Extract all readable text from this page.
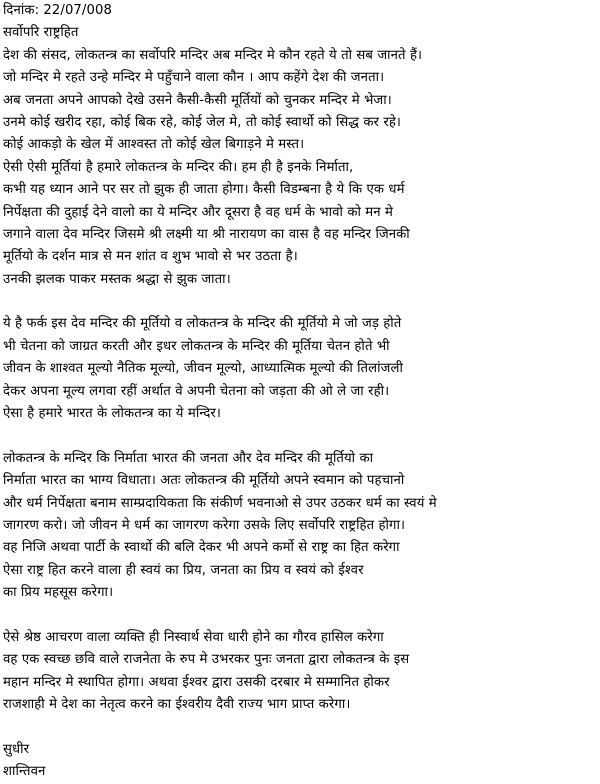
दिनांक: 22/07/008
सर्वोपरि राष्ट्रहित
देश की संसद, लोकतन्त्र का सर्वोपरि मन्दिर अब मन्दिर मे कौन रहते ये तो सब जानते हैं।
जो मन्दिर मे रहते उन्हे मन्दिर मे पहुँचाने वाला कौन । आप कहेंगे देश की जनता।
अब जनता अपने आपको देखे उसने कैसी-कैसी मूर्तियों को चुनकर मन्दिर मे भेजा।
उनमे कोई खरीद रहा, कोई बिक रहे, कोई जेल मे, तो कोई स्वार्थो को सिद्ध कर रहे।
कोई आकड़ो के खेल में आश्वस्त तो कोई खेल बिगाड़ने मे मस्त।
ऐसी ऐसी मूर्तियां है हमारे लोकतन्त्र के मन्दिर की। हम ही है इनके निर्माता,
कभी यह ध्यान आने पर सर तो झुक ही जाता होगा। कैसी विडम्बना है ये कि एक धर्म
निर्पेक्षता की दुहाई देने वालो का ये मन्दिर और दूसरा है वह धर्म के भावो को मन मे
जगाने वाला देव मन्दिर जिसमे श्री लक्ष्मी या श्री नारायण का वास है वह मन्दिर जिनकी
मूर्तियो के दर्शन मात्र से मन शांत व शुभ भावो से भर उठता है।
उनकी झलक पाकर मस्तक श्रद्धा से झुक जाता।
ये है फर्क इस देव मन्दिर की मूर्तियो व लोकतन्त्र के मन्दिर की मूर्तियो मे जो जड़ होते
भी चेतना को जाग्रत करती और इधर लोकतन्त्र के मन्दिर की मूर्तिया चेतन होते भी
जीवन के शाश्वत मूल्यो नैतिक मूल्यो, जीवन मूल्यो, आध्यात्मिक मूल्यो की तिलांजली
देकर अपना मूल्य लगवा रहीं अर्थात वे अपनी चेतना को जड़ता की ओ ले जा रही।
ऐसा है हमारे भारत के लोकतन्त्र का ये मन्दिर।
लोकतन्त्र के मन्दिर कि निर्माता भारत की जनता और देव मन्दिर की मूर्तियो का
निर्माता भारत का भाग्य विधाता। अतः लोकतन्त्र की मूर्तियो अपने स्वमान को पहचानो
और धर्म निर्पेक्षता बनाम साम्प्रदायिकता कि संकीर्ण भवनाओ से उपर उठकर धर्म का स्वयं मे
जागरण करो। जो जीवन मे धर्म का जागरण करेगा उसके लिए सर्वोपरि राष्ट्रहित होगा।
वह निजि अथवा पार्टी के स्वार्थो की बलि देकर भी अपने कर्मो से राष्ट्र का हित करेगा
ऐसा राष्ट्र हित करने वाला ही स्वयं का प्रिय, जनता का प्रिय व स्वयं को ईश्वर
का प्रिय महसूस करेगा।
ऐसे श्रेष्ठ आचरण वाला व्यक्ति ही निस्वार्थ सेवा धारी होने का गौरव हासिल करेगा
वह एक स्वच्छ छवि वाले राजनेता के रुप मे उभरकर पुनः जनता द्वारा लोकतन्त्र के इस
महान मन्दिर मे स्थापित होगा। अथवा ईश्वर द्वारा उसकी दरबार मे सम्मानित होकर
राजशाही मे देश का नेतृत्व करने का ईश्वरीय दैवी राज्य भाग प्राप्त करेगा।
सुधीर
शान्तिवन
